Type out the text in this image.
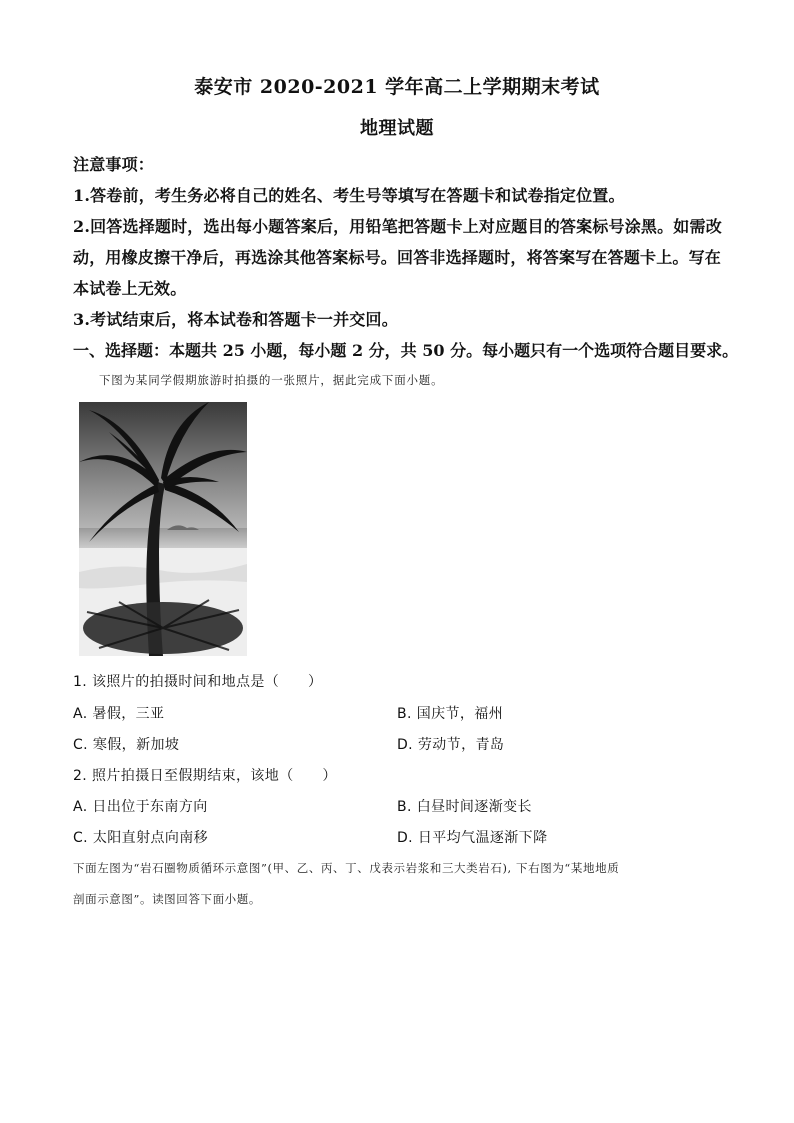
泰安市 2020-2021 学年高二上学期期末考试
地理试题
注意事项：
1.答卷前，考生务必将自己的姓名、考生号等填写在答题卡和试卷指定位置。
2.回答选择题时，选出每小题答案后，用铅笔把答题卡上对应题目的答案标号涂黑。如需改
动，用橡皮擦干净后，再选涂其他答案标号。回答非选择题时，将答案写在答题卡上。写在
本试卷上无效。
3.考试结束后，将本试卷和答题卡一并交回。
一、选择题：本题共 25 小题，每小题 2 分，共 50 分。每小题只有一个选项符合题目要求。
下图为某同学假期旅游时拍摄的一张照片，据此完成下面小题。
1. 该照片的拍摄时间和地点是（　　）
A. 暑假，三亚	B. 国庆节，福州
C. 寒假，新加坡	D. 劳动节，青岛
2. 照片拍摄日至假期结束，该地（　　）
A. 日出位于东南方向	B. 白昼时间逐渐变长
C. 太阳直射点向南移	D. 日平均气温逐渐下降
下面左图为“岩石圈物质循环示意图”(甲、乙、丙、丁、戊表示岩浆和三大类岩石), 下右图为“某地地质
剖面示意图”。读图回答下面小题。
